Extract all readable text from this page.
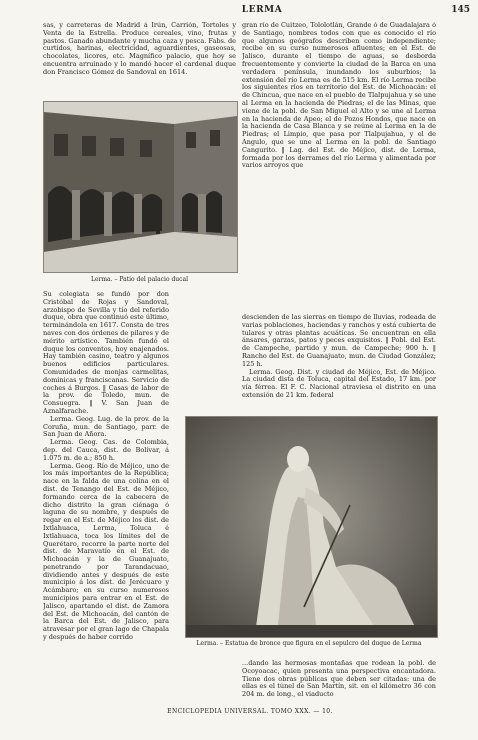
LERMA	145

sas, y carreteras de Madrid á Irún, Carrión, Tortoles y Venta de la Estrella. Produce cereales, vino, frutas y pastos. Ganado abundante y mucha caza y pesca. Fabs. de curtidos, harinas, electricidad, aguardientes, gaseosas, chocolates, licores, etc. Magnífico palacio, que hoy se encuentra arruinado y lo mandó hacer el cardenal duque don Francisco Gómez de Sandoval en 1614.

Lerma. – Patio del palacio ducal

gran río de Cuitzeo, Tololotlán, Grande ó de Guadalajara ó de Santiago, nombres todos con que es conocido el río que algunos geógrafos describen como independiente; recibe en su curso numerosos afluentes; en el Est. de Jalisco, durante el tiempo de aguas, se desborda frecuentemente y convierte la ciudad de la Barca en una verdadera península, inundando los suburbios; la extensión del río Lerma es de 515 km. El río Lerma recibe los siguientes ríos en territorio del Est. de Michoacán: el de Chincua, que nace en el pueblo de Tlalpujahua y se une al Lerma en la hacienda de Piedras; el de las Minas, que viene de la pobl. de San Miguel el Alto y se une al Lerma en la hacienda de Apeo; el de Pozos Hondos, que nace en la hacienda de Casa Blanca y se reúne al Lerma en la de Piedras; el Limpio, que pasa por Tlalpujahua, y el de Angulo, que se une al Lerma en la pobl. de Santiago Cangurito. ‖ Lag. del Est. de Méjico, dist. de Lerma, formada por los derrames del río Lerma y alimentada por varios arroyos que

Su colegiata se fundó por don Cristóbal de Rojas y Sandoval, arzobispo de Sevilla y tío del referido duque, obra que continuó este último, terminándola en 1617. Consta de tres naves con dos órdenes de pilares y de mérito artístico. También fundó el duque los conventos, hoy enajenados. Hay también casino, teatro y algunos buenos edificios particulares. Comunidades de monjas carmelitas, dominicas y franciscanas. Servicio de coches á Burgos. ‖ Casas de labor de la prov. de Toledo, mun. de Consuegra. ‖ V. San Juan de Aznalfarache.

Lerma. Geog. Lug. de la prov. de la Coruña, mun. de Santiago, parr. de San Juan de Añora.

Lerma. Geog. Cas. de Colombia, dep. del Cauca, dist. de Bolívar, á 1.075 m. de a.; 850 h.

Lerma. Geog. Río de Méjico, uno de los más importantes de la República; nace en la falda de una colina en el dist. de Tenango del Est. de Méjico, formando cerca de la cabecera de dicho distrito la gran ciénaga ó laguna de su nombre, y después de regar en el Est. de Méjico los dist. de Ixtlahuaca, Lerma, Toluca é Ixtlahuaca, toca los límites del de Querétaro, recorre la parte norte del dist. de Maravatío en el Est. de Michoacán y la de Guanajuato, penetrando por Tarandacuao, dividiendo antes y después de este municipio á los dist. de Jerécuaro y Acámbaro; en su curso numerosos municipios para entrar en el Est. de Jalisco, apartando el dist. de Zamora del Est. de Michoacán, del cantón de la Barca del Est. de Jalisco, para atravesar por el gran lago de Chapala y después de haber corrido

descienden de las sierras en tiempo de lluvias, rodeada de varias poblaciones, haciendas y ranchos y está cubierta de tulares y otras plantas acuáticas. Se encuentran en ella ánsares, garzas, patos y peces exquisitos. ‖ Pobl. del Est. de Campeche, partido y mun. de Campeche; 900 h. ‖ Rancho del Est. de Guanajuato, mun. de Ciudad González; 125 h.

Lerma. Geog. Dist. y ciudad de Méjico, Est. de Méjico. La ciudad dista de Toluca, capital del Estado, 17 km. por vía férrea. El F. C. Nacional atraviesa el distrito en una extensión de 21 km. federal

Lerma. – Estatua de bronce que figura en el sepulcro del duque de Lerma

...dando las hermosas montañas que rodean la pobl. de Ocoyoacac, quien presenta una perspectiva encantadora. Tiene dos obras públicas que deben ser citadas: una de ellas es el túnel de San Martín, sit. en el kilómetro 36 con 204 m. de long., el viaducto

ENCICLOPEDIA UNIVERSAL. TOMO XXX. — 10.
